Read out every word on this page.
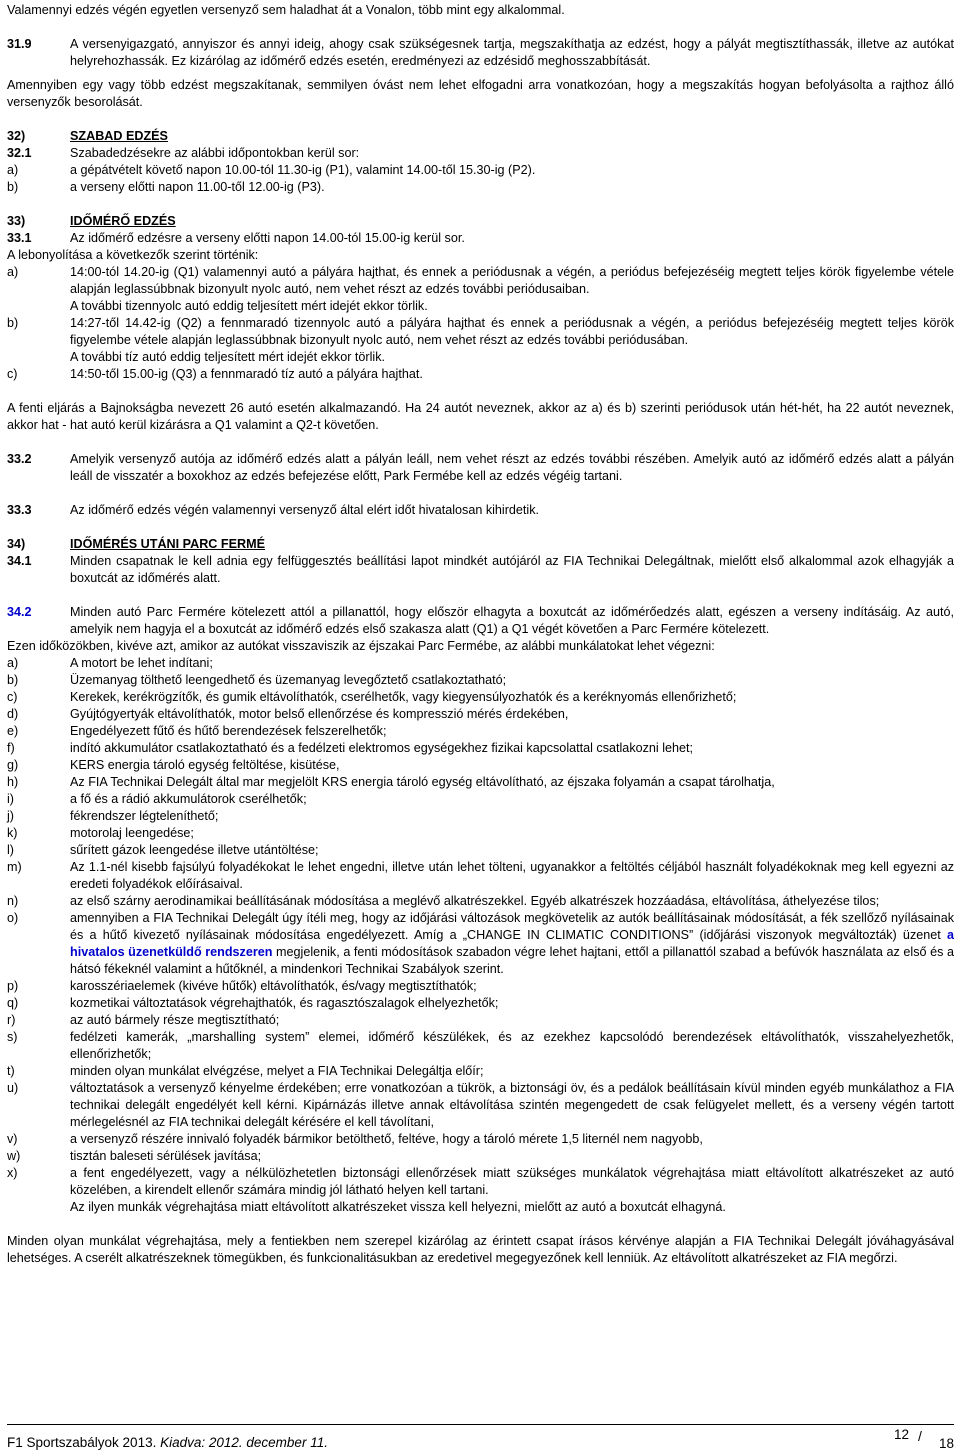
Valamennyi edzés végén egyetlen versenyző sem haladhat át a Vonalon, több mint egy alkalommal.

31.9	A versenyigazgató, annyiszor és annyi ideig, ahogy csak szükségesnek tartja, megszakíthatja az edzést, hogy a pályát megtisztíthassák, illetve az autókat helyrehozhassák. Ez kizárólag az időmérő edzés esetén, eredményezi az edzésidő meghosszabbítását.

Amennyiben egy vagy több edzést megszakítanak, semmilyen óvást nem lehet elfogadni arra vonatkozóan, hogy a megszakítás hogyan befolyásolta a rajthoz álló versenyzők besorolását.

32)	SZABAD EDZÉS
32.1	Szabadedzésekre az alábbi időpontokban kerül sor:
a)	a gépátvételt követő napon 10.00-tól 11.30-ig (P1), valamint 14.00-től 15.30-ig (P2).
b)	a verseny előtti napon 11.00-től 12.00-ig (P3).
33)	IDŐMÉRŐ EDZÉS
33.1	Az időmérő edzésre a verseny előtti napon 14.00-tól 15.00-ig kerül sor.

A lebonyolítása a következők szerint történik:

a)	14:00-tól 14.20-ig (Q1) valamennyi autó a pályára hajthat, és ennek a periódusnak a végén, a periódus befejezéséig megtett teljes körök figyelembe vétele alapján leglassúbbnak bizonyult nyolc autó, nem vehet részt az edzés további periódusaiban.
A további tizennyolc autó eddig teljesített mért idejét ekkor törlik.
b)	14:27-től 14.42-ig (Q2) a fennmaradó tizennyolc autó a pályára hajthat és ennek a periódusnak a végén, a periódus befejezéséig megtett teljes körök figyelembe vétele alapján leglassúbbnak bizonyult nyolc autó, nem vehet részt az edzés további periódusában.
A további tíz autó eddig teljesített mért idejét ekkor törlik.
c)	14:50-től 15.00-ig (Q3) a fennmaradó tíz autó a pályára hajthat.

A fenti eljárás a Bajnokságba nevezett 26 autó esetén alkalmazandó. Ha 24 autót neveznek, akkor az a) és b) szerinti periódusok után hét-hét, ha 22 autót neveznek, akkor hat - hat autó kerül kizárásra a Q1 valamint a Q2-t követően.

33.2	Amelyik versenyző autója az időmérő edzés alatt a pályán leáll, nem vehet részt az edzés további részében. Amelyik autó az időmérő edzés alatt a pályán leáll de visszatér a boxokhoz az edzés befejezése előtt, Park Fermébe kell az edzés végéig tartani.
33.3	Az időmérő edzés végén valamennyi versenyző által elért időt hivatalosan kihirdetik.
34)	IDŐMÉRÉS UTÁNI PARC FERMÉ
34.1	Minden csapatnak le kell adnia egy felfüggesztés beállítási lapot mindkét autójáról az FIA Technikai Delegáltnak, mielőtt első alkalommal azok elhagyják a boxutcát az időmérés alatt.
34.2	Minden autó Parc Fermére kötelezett attól a pillanattól, hogy először elhagyta a boxutcát az időmérőedzés alatt, egészen a verseny indításáig. Az autó, amelyik nem hagyja el a boxutcát az időmérő edzés első szakasza alatt (Q1) a Q1 végét követően a Parc Fermére kötelezett.

Ezen időközökben, kivéve azt, amikor az autókat visszaviszik az éjszakai Parc Fermébe, az alábbi munkálatokat lehet végezni:

a)	A motort be lehet indítani;
b)	Üzemanyag tölthető leengedhető és üzemanyag levegőztető csatlakoztatható;
c)	Kerekek, kerékrögzítők, és gumik eltávolíthatók, cserélhetők, vagy kiegyensúlyozhatók és a keréknyomás ellenőrizhető;
d)	Gyújtógyertyák eltávolíthatók, motor belső ellenőrzése és kompresszió mérés érdekében,
e)	Engedélyezett fűtő és hűtő berendezések felszerelhetők;
f)	indító akkumulátor csatlakoztatható és a fedélzeti elektromos egységekhez fizikai kapcsolattal csatlakozni lehet;
g)	KERS energia tároló egység feltöltése, kisütése,
h)	Az FIA Technikai Delegált által mar megjelölt KRS energia tároló egység eltávolítható, az éjszaka folyamán a csapat tárolhatja,
i)	a fő és a rádió akkumulátorok cserélhetők;
j)	fékrendszer légteleníthető;
k)	motorolaj leengedése;
l)	sűrített gázok leengedése illetve utántöltése;
m)	Az 1.1-nél kisebb fajsúlyú folyadékokat le lehet engedni, illetve után lehet tölteni, ugyanakkor a feltöltés céljából használt folyadékoknak meg kell egyezni az eredeti folyadékok előírásaival.
n)	az első szárny aerodinamikai beállításának módosítása a meglévő alkatrészekkel. Egyéb alkatrészek hozzáadása, eltávolítása, áthelyezése tilos;
o)	amennyiben a FIA Technikai Delegált úgy ítéli meg, hogy az időjárási változások megkövetelik az autók beállításainak módosítását, a fék szellőző nyílásainak és a hűtő kivezető nyílásainak módosítása engedélyezett. Amíg a „CHANGE IN CLIMATIC CONDITIONS” (időjárási viszonyok megváltozták) üzenet a hivatalos üzenetküldő rendszeren megjelenik, a fenti módosítások szabadon végre lehet hajtani, ettől a pillanattól szabad a befúvók használata az első és a hátsó fékeknél valamint a hűtőknél, a mindenkori Technikai Szabályok szerint.
p)	karosszériaelemek (kivéve hűtők) eltávolíthatók, és/vagy megtisztíthatók;
q)	kozmetikai változtatások végrehajthatók, és ragasztószalagok elhelyezhetők;
r)	az autó bármely része megtisztítható;
s)	fedélzeti kamerák, „marshalling system” elemei, időmérő készülékek, és az ezekhez kapcsolódó berendezések eltávolíthatók, visszahelyezhetők, ellenőrizhetők;
t)	minden olyan munkálat elvégzése, melyet a FIA Technikai Delegáltja előír;
u)	változtatások a versenyző kényelme érdekében; erre vonatkozóan a tükrök, a biztonsági öv, és a pedálok beállításain kívül minden egyéb munkálathoz a FIA technikai delegált engedélyét kell kérni. Kipárnázás illetve annak eltávolítása szintén megengedett de csak felügyelet mellett, és a verseny végén tartott mérlegelésnél az FIA technikai delegált kérésére el kell távolítani,
v)	a versenyző részére innivaló folyadék bármikor betölthető, feltéve, hogy a tároló mérete 1,5 liternél nem nagyobb,
w)	tisztán baleseti sérülések javítása;
x)	a fent engedélyezett, vagy a nélkülözhetetlen biztonsági ellenőrzések miatt szükséges munkálatok végrehajtása miatt eltávolított alkatrészeket az autó közelében, a kirendelt ellenőr számára mindig jól látható helyen kell tartani.
Az ilyen munkák végrehajtása miatt eltávolított alkatrészeket vissza kell helyezni, mielőtt az autó a boxutcát elhagyná.

Minden olyan munkálat végrehajtása, mely a fentiekben nem szerepel kizárólag az érintett csapat írásos kérvénye alapján a FIA Technikai Delegált jóváhagyásával lehetséges. A cserélt alkatrészeknek tömegükben, és funkcionalitásukban az eredetivel megegyezőnek kell lenniük. Az eltávolított alkatrészeket az FIA megőrzi.

F1 Sportszabályok 2013. Kiadva: 2012. december 11.
12 / 18
